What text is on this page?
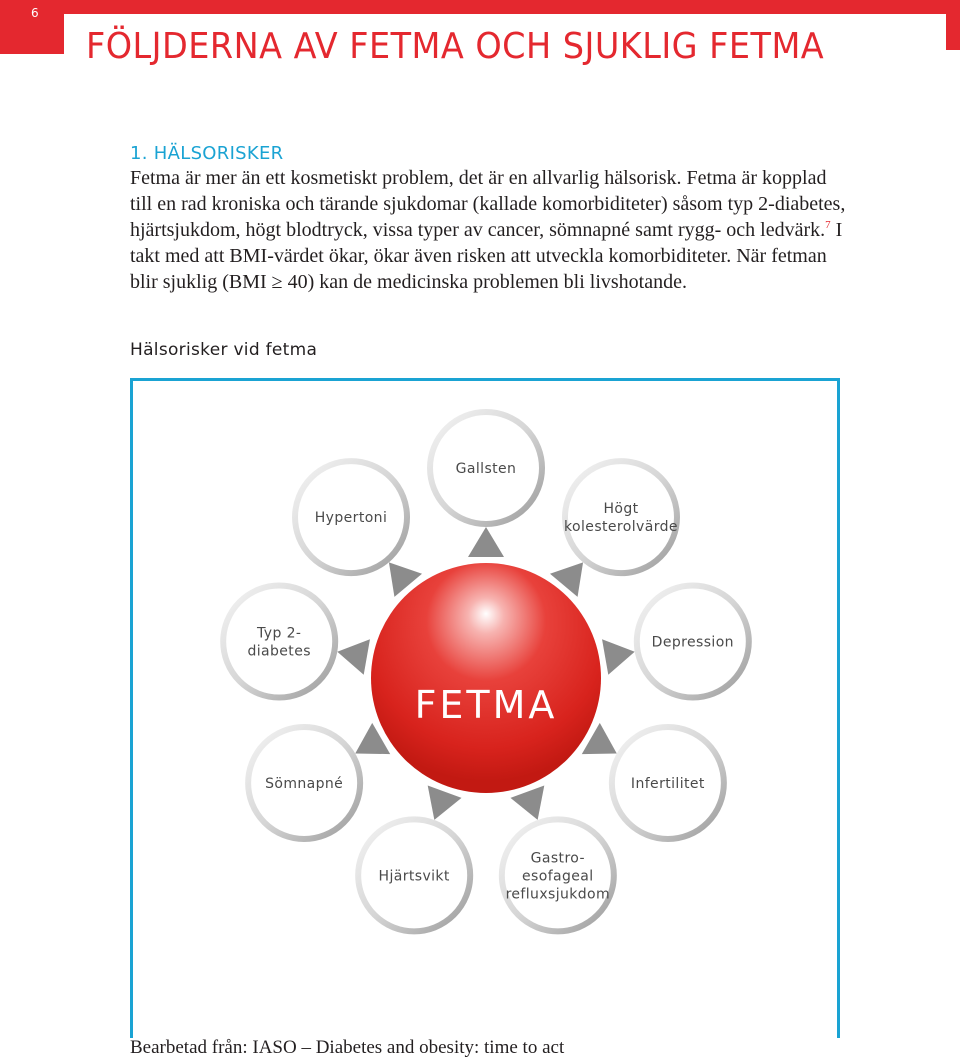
6
FÖLJDERNA AV FETMA OCH SJUKLIG FETMA
1. HÄLSORISKER

Fetma är mer än ett kosmetiskt problem, det är en allvarlig hälsorisk. Fetma är kopplad till en rad kroniska och tärande sjukdomar (kallade komorbiditeter) såsom typ 2-diabetes, hjärtsjukdom, högt blodtryck, vissa typer av cancer, sömnapné samt rygg- och ledvärk.$^7$ I takt med att BMI-värdet ökar, ökar även risken att utveckla komorbiditeter. När fetman blir sjuklig (BMI ≥ 40) kan de medicinska problemen bli livshotande.

Hälsorisker vid fetma
FETMA
Gallsten
Högt
kolesterolvärde
Depression
Infertilitet
Gastro-
esofageal
refluxsjukdom
Hjärtsvikt
Sömnapné
Typ 2-
diabetes
Hypertoni
Bearbetad från: IASO – Diabetes and obesity: time to act
